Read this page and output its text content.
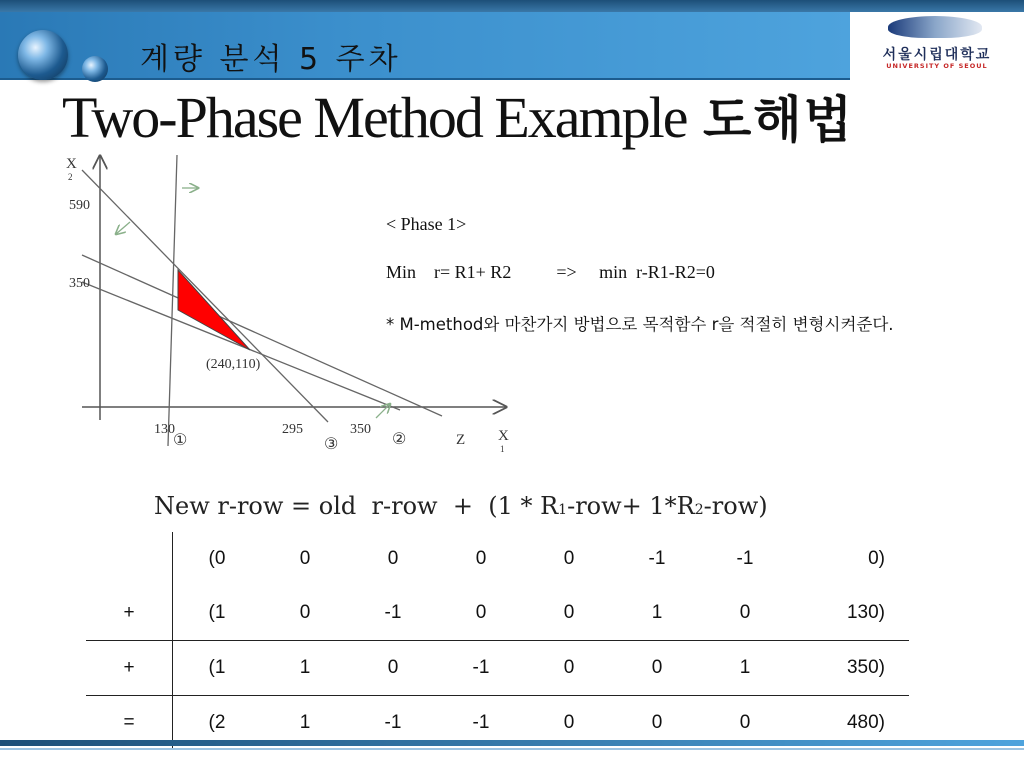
계량 분석 5 주차	서울시립대학교
UNIVERSITY OF SEOUL
Two-Phase Method Example 도해법
X
2
590
350
(240,110)
130	295	350
①	③	②	Z X
1
< Phase 1>
Min    r= R1+ R2          =>     min  r-R1-R2=0
* M-method와 마찬가지 방법으로 목적함수 r을 적절히 변형시켜준다.
New r-row = old  r-row  +  (1 * R1-row+ 1*R2-row)
	(0	0	0	0	0	-1	-1	0)
+	(1	0	-1	0	0	1	0	130)
+	(1	1	0	-1	0	0	1	350)
=	(2	1	-1	-1	0	0	0	480)
